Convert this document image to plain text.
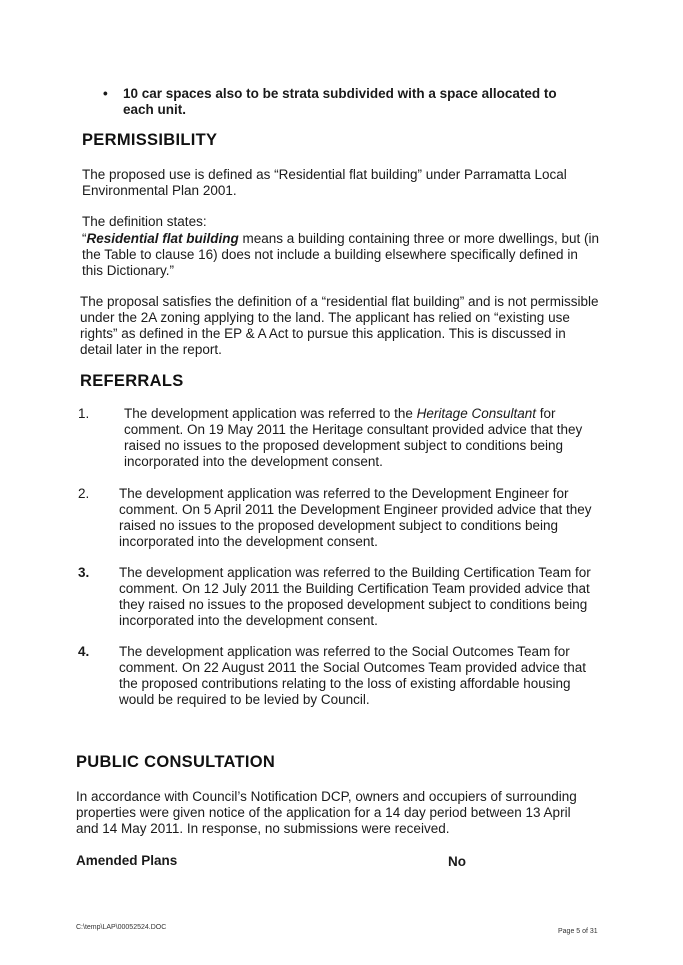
• 10 car spaces also to be strata subdivided with a space allocated to each unit.
PERMISSIBILITY
The proposed use is defined as “Residential flat building” under Parramatta Local Environmental Plan 2001.
The definition states:
“Residential flat building means a building containing three or more dwellings, but (in the Table to clause 16) does not include a building elsewhere specifically defined in this Dictionary.”
The proposal satisfies the definition of a “residential flat building” and is not permissible under the 2A zoning applying to the land. The applicant has relied on “existing use rights” as defined in the EP & A Act to pursue this application. This is discussed in detail later in the report.
REFERRALS
1.	The development application was referred to the Heritage Consultant for comment. On 19 May 2011 the Heritage consultant provided advice that they raised no issues to the proposed development subject to conditions being incorporated into the development consent.
2. The development application was referred to the Development Engineer for comment. On 5 April 2011 the Development Engineer provided advice that they raised no issues to the proposed development subject to conditions being incorporated into the development consent.
3. The development application was referred to the Building Certification Team for comment. On 12 July 2011 the Building Certification Team provided advice that they raised no issues to the proposed development subject to conditions being incorporated into the development consent.
4. The development application was referred to the Social Outcomes Team for comment. On 22 August 2011 the Social Outcomes Team provided advice that the proposed contributions relating to the loss of existing affordable housing would be required to be levied by Council.
PUBLIC CONSULTATION
In accordance with Council’s Notification DCP, owners and occupiers of surrounding properties were given notice of the application for a 14 day period between 13 April and 14 May 2011. In response, no submissions were received.
Amended Plans	No
C:\temp\LAP\00052524.DOC
Page 5 of 31
